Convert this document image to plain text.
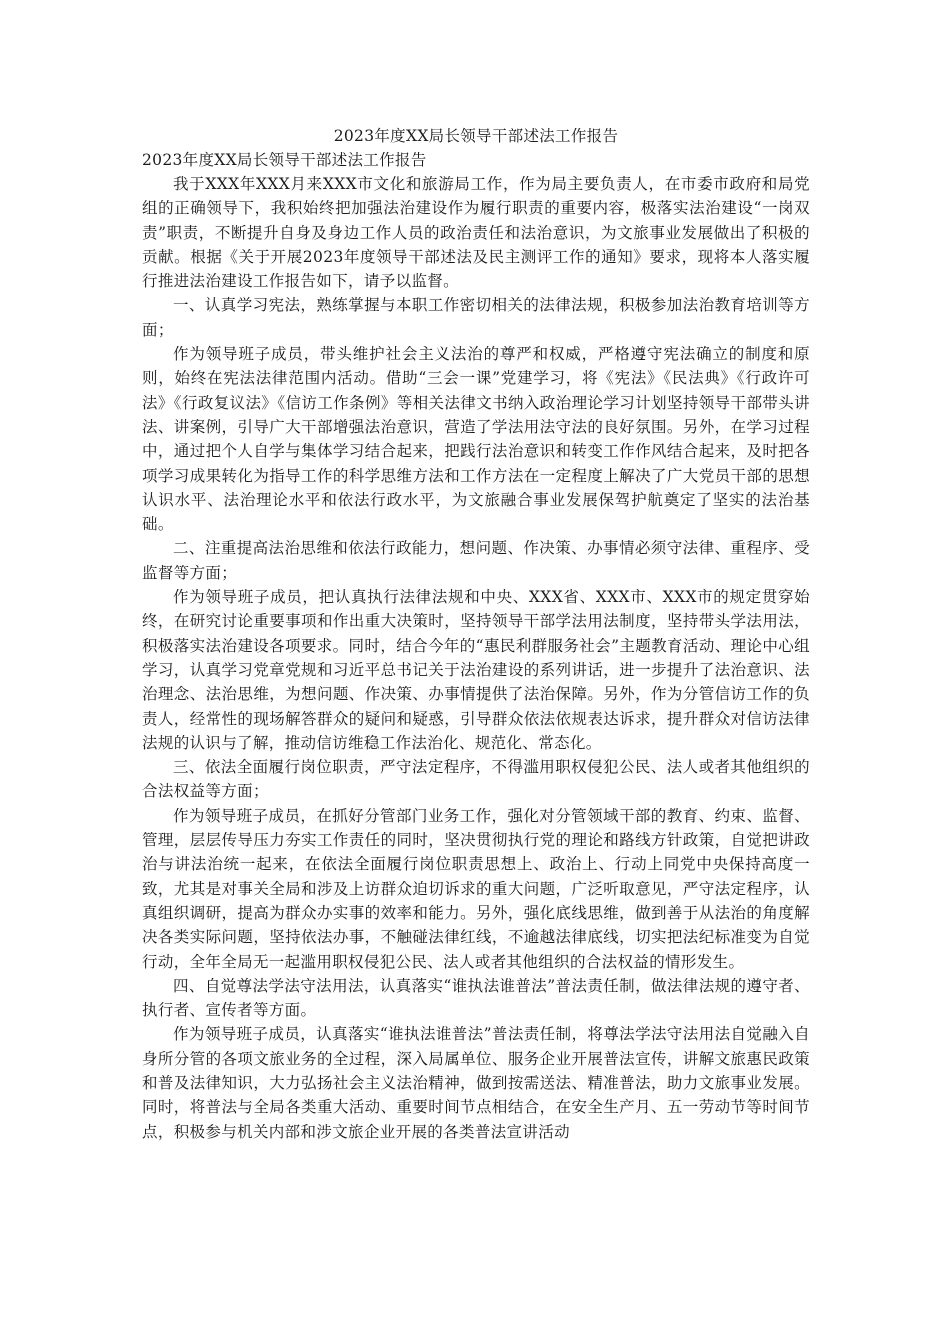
2023年度XX局长领导干部述法工作报告
2023年度XX局长领导干部述法工作报告

我于XXX年XXX月来XXX市文化和旅游局工作，作为局主要负责人，在市委市政府和局党组的正确领导下，我积始终把加强法治建设作为履行职责的重要内容，极落实法治建设“一岗双责”职责，不断提升自身及身边工作人员的政治责任和法治意识，为文旅事业发展做出了积极的贡献。根据《关于开展2023年度领导干部述法及民主测评工作的通知》要求，现将本人落实履行推进法治建设工作报告如下，请予以监督。

一、认真学习宪法，熟练掌握与本职工作密切相关的法律法规，积极参加法治教育培训等方面；

作为领导班子成员，带头维护社会主义法治的尊严和权威，严格遵守宪法确立的制度和原则，始终在宪法法律范围内活动。借助“三会一课”党建学习，将《宪法》《民法典》《行政许可法》《行政复议法》《信访工作条例》等相关法律文书纳入政治理论学习计划坚持领导干部带头讲法、讲案例，引导广大干部增强法治意识，营造了学法用法守法的良好氛围。另外，在学习过程中，通过把个人自学与集体学习结合起来，把践行法治意识和转变工作作风结合起来，及时把各项学习成果转化为指导工作的科学思维方法和工作方法在一定程度上解决了广大党员干部的思想认识水平、法治理论水平和依法行政水平，为文旅融合事业发展保驾护航奠定了坚实的法治基础。

二、注重提高法治思维和依法行政能力，想问题、作决策、办事情必须守法律、重程序、受监督等方面；

作为领导班子成员，把认真执行法律法规和中央、XXX省、XXX市、XXX市的规定贯穿始终，在研究讨论重要事项和作出重大决策时，坚持领导干部学法用法制度，坚持带头学法用法，积极落实法治建设各项要求。同时，结合今年的“惠民利群服务社会”主题教育活动、理论中心组学习，认真学习党章党规和习近平总书记关于法治建设的系列讲话，进一步提升了法治意识、法治理念、法治思维，为想问题、作决策、办事情提供了法治保障。另外，作为分管信访工作的负责人，经常性的现场解答群众的疑问和疑惑，引导群众依法依规表达诉求，提升群众对信访法律法规的认识与了解，推动信访维稳工作法治化、规范化、常态化。

三、依法全面履行岗位职责，严守法定程序，不得滥用职权侵犯公民、法人或者其他组织的合法权益等方面；

作为领导班子成员，在抓好分管部门业务工作，强化对分管领域干部的教育、约束、监督、管理，层层传导压力夯实工作责任的同时，坚决贯彻执行党的理论和路线方针政策，自觉把讲政治与讲法治统一起来，在依法全面履行岗位职责思想上、政治上、行动上同党中央保持高度一致，尤其是对事关全局和涉及上访群众迫切诉求的重大问题，广泛听取意见，严守法定程序，认真组织调研，提高为群众办实事的效率和能力。另外，强化底线思维，做到善于从法治的角度解决各类实际问题，坚持依法办事，不触碰法律红线，不逾越法律底线，切实把法纪标准变为自觉行动，全年全局无一起滥用职权侵犯公民、法人或者其他组织的合法权益的情形发生。

四、自觉尊法学法守法用法，认真落实“谁执法谁普法”普法责任制，做法律法规的遵守者、执行者、宣传者等方面。

作为领导班子成员，认真落实“谁执法谁普法”普法责任制，将尊法学法守法用法自觉融入自身所分管的各项文旅业务的全过程，深入局属单位、服务企业开展普法宣传，讲解文旅惠民政策和普及法律知识，大力弘扬社会主义法治精神，做到按需送法、精准普法，助力文旅事业发展。同时，将普法与全局各类重大活动、重要时间节点相结合，在安全生产月、五一劳动节等时间节点，积极参与机关内部和涉文旅企业开展的各类普法宣讲活动
